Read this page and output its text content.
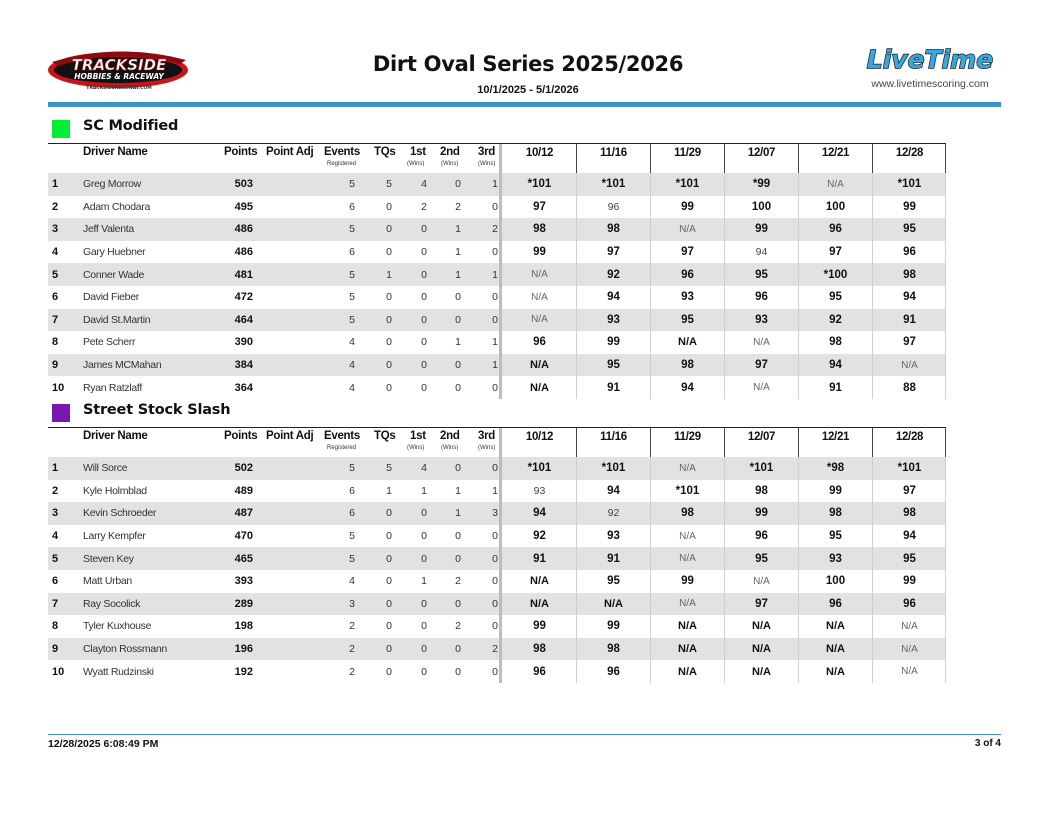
TRACKSIDE
HOBBIES & RACEWAY
TRACKSIDERACEWAY.COM
Dirt Oval Series 2025/2026
10/1/2025 - 5/1/2026
LiveTime
www.livetimescoring.com
SC Modified
Driver Name	Points Point Adj Events TQs 1st 2nd 3rd
Registered	(Wins)	(Wins)	(Wins)
10/12	11/16	11/29	12/07	12/21	12/28
1 Greg Morrow	503	5	5	4	0	1	*101	*101	*101	*99	N/A	*101
2 Adam Chodara	495	6	0	2	2	0	97	96	99	100	100	99
3 Jeff Valenta	486	5	0	0	1	2	98	98	N/A	99	96	95
4 Gary Huebner	486	6	0	0	1	0	99	97	97	94	97	96
5 Conner Wade	481	5	1	0	1	1	N/A	92	96	95	*100	98
6 David Fieber	472	5	0	0	0	0	N/A	94	93	96	95	94
7 David St.Martin	464	5	0	0	0	0	N/A	93	95	93	92	91
8 Pete Scherr	390	4	0	0	1	1	96	99	N/A	N/A	98	97
9 James MCMahan	384	4	0	0	0	1	N/A	95	98	97	94	N/A
10 Ryan Ratzlaff	364	4	0	0	0	0	N/A	91	94	N/A	91	88
Street Stock Slash
Driver Name	Points Point Adj Events TQs 1st 2nd 3rd
Registered	(Wins)	(Wins)	(Wins)
10/12	11/16	11/29	12/07	12/21	12/28
1 Will Sorce	502	5	5	4	0	0	*101	*101	N/A	*101	*98	*101
2 Kyle Holmblad	489	6	1	1	1	1	93	94	*101	98	99	97
3 Kevin Schroeder	487	6	0	0	1	3	94	92	98	99	98	98
4 Larry Kempfer	470	5	0	0	0	0	92	93	N/A	96	95	94
5 Steven Key	465	5	0	0	0	0	91	91	N/A	95	93	95
6 Matt Urban	393	4	0	1	2	0	N/A	95	99	N/A	100	99
7 Ray Socolick	289	3	0	0	0	0	N/A	N/A	N/A	97	96	96
8 Tyler Kuxhouse	198	2	0	0	2	0	99	99	N/A	N/A	N/A	N/A
9 Clayton Rossmann	196	2	0	0	0	2	98	98	N/A	N/A	N/A	N/A
10 Wyatt Rudzinski	192	2	0	0	0	0	96	96	N/A	N/A	N/A	N/A
12/28/2025 6:08:49 PM	3 of 4
